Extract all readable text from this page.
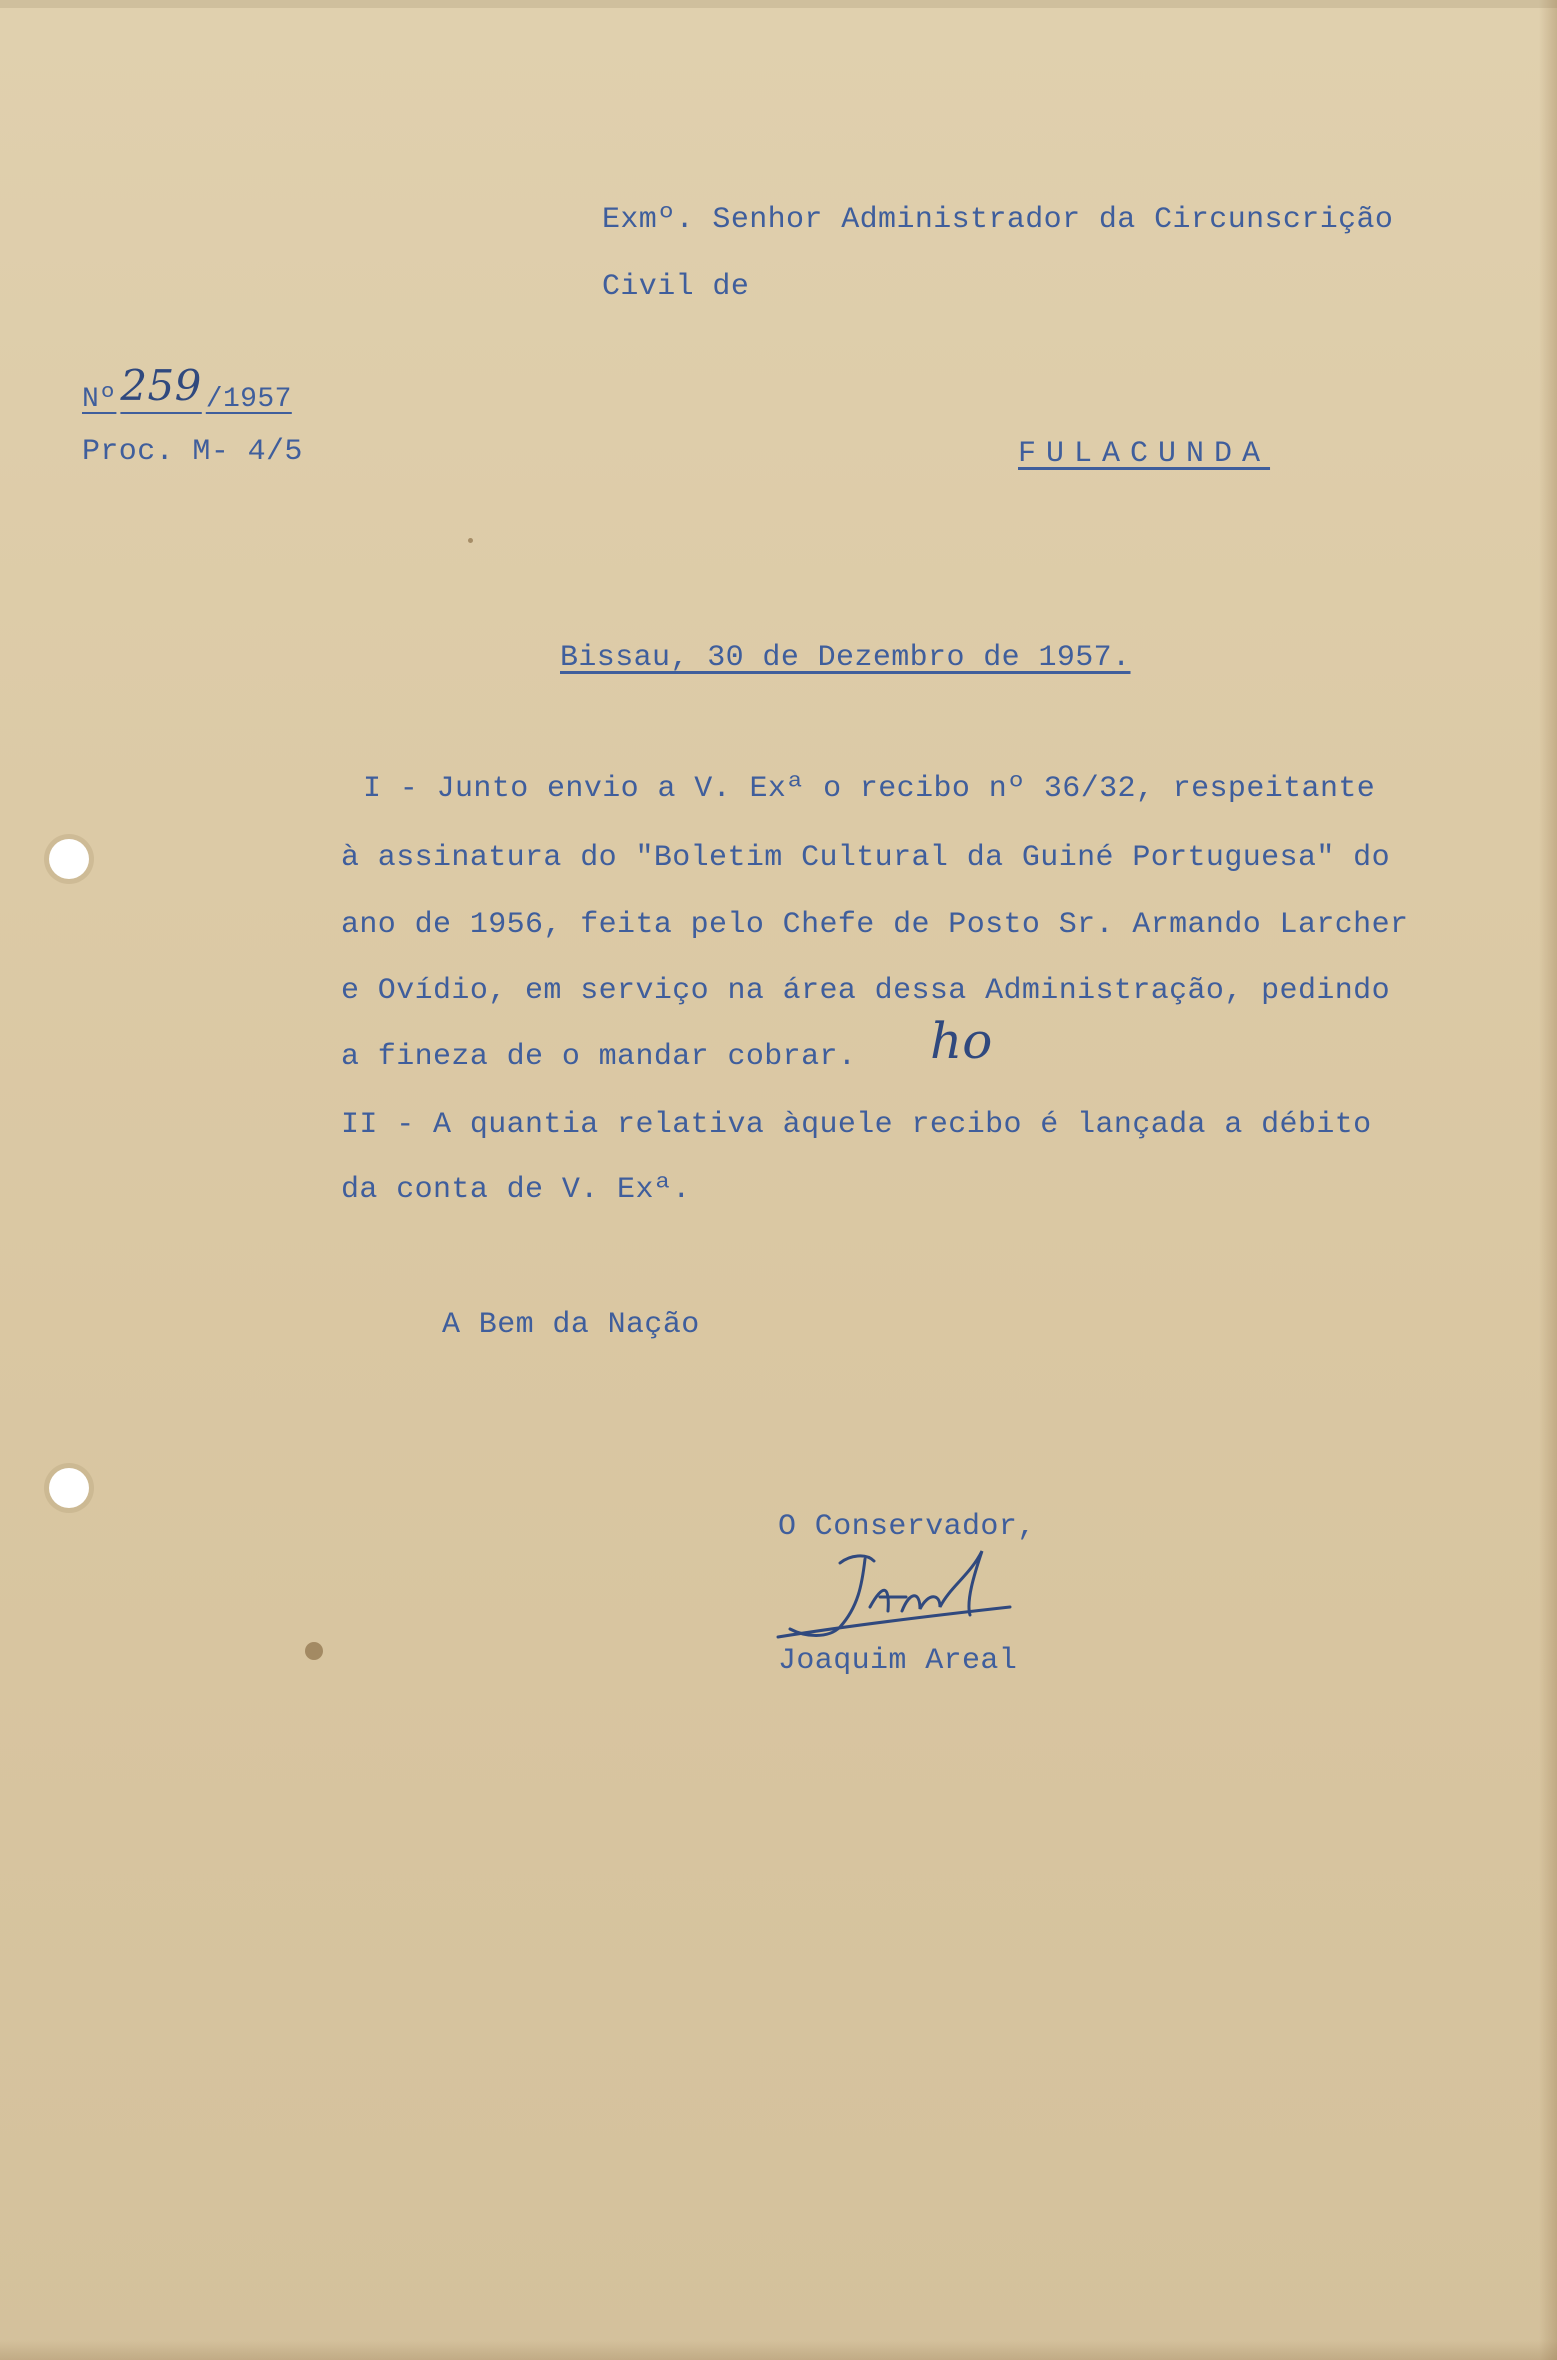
Exmº. Senhor Administrador da Circunscrição
Civil de
Nº259 /1957
Proc. M- 4/5	FULACUNDA
Bissau, 30 de Dezembro de 1957.
I - Junto envio a V. Exª o recibo nº 36/32, respeitante
à assinatura do "Boletim Cultural da Guiné Portuguesa" do
ano de 1956, feita pelo Chefe de Posto Sr. Armando Larcher
e Ovídio, em serviço na área dessa Administração, pedindo
a fineza de o mandar cobrar. ho
II - A quantia relativa àquele recibo é lançada a débito
da conta de V. Exª.
A Bem da Nação
O Conservador,
Joaquim Areal
